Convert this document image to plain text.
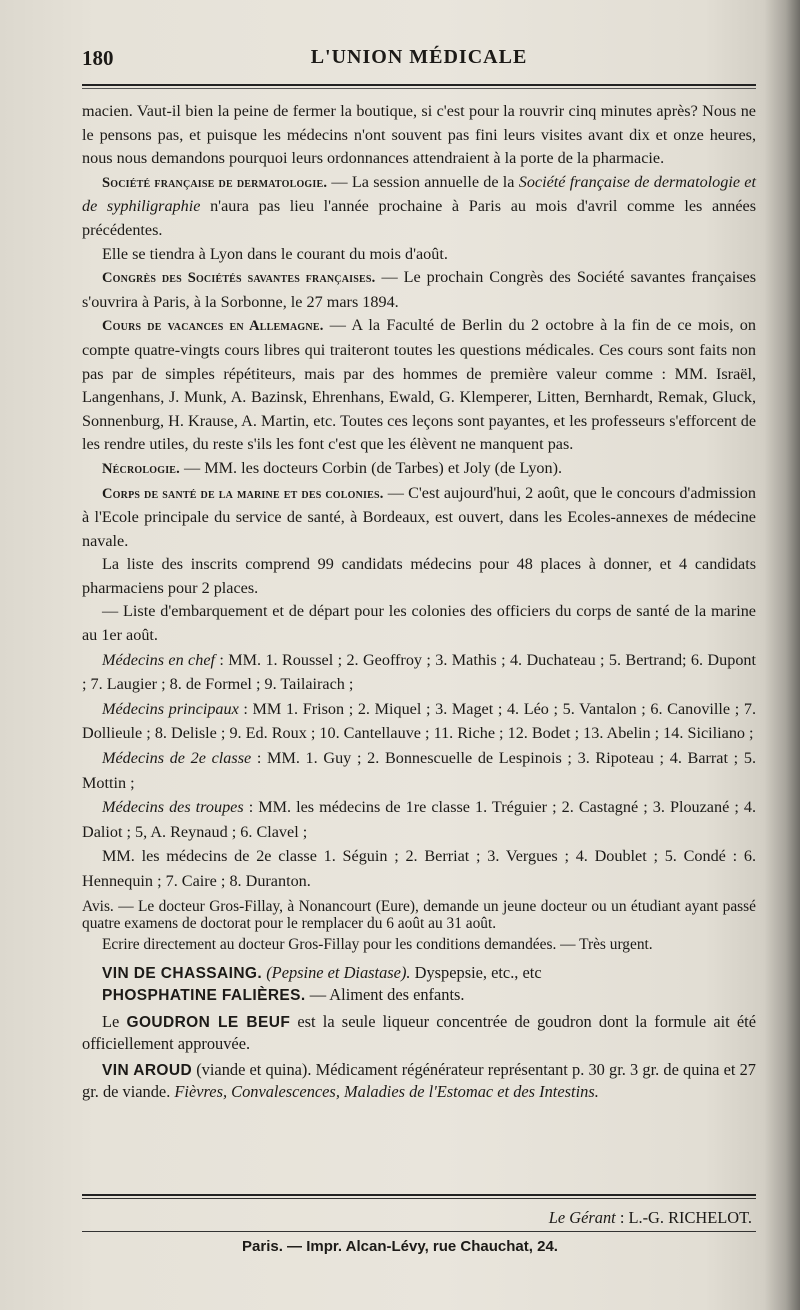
180	L'UNION MÉDICALE

macien. Vaut-il bien la peine de fermer la boutique, si c'est pour la rouvrir cinq minutes après? Nous ne le pensons pas, et puisque les médecins n'ont souvent pas fini leurs visites avant dix et onze heures, nous nous demandons pourquoi leurs ordonnances attendraient à la porte de la pharmacie.

Société française de dermatologie. — La session annuelle de la Société française de dermatologie et de syphiligraphie n'aura pas lieu l'année prochaine à Paris au mois d'avril comme les années précédentes.

Elle se tiendra à Lyon dans le courant du mois d'août.

Congrès des Sociétés savantes françaises. — Le prochain Congrès des Société savantes françaises s'ouvrira à Paris, à la Sorbonne, le 27 mars 1894.

Cours de vacances en Allemagne. — A la Faculté de Berlin du 2 octobre à la fin de ce mois, on compte quatre-vingts cours libres qui traiteront toutes les questions médicales. Ces cours sont faits non pas par de simples répétiteurs, mais par des hommes de première valeur comme : MM. Israël, Langenhans, J. Munk, A. Bazinsk, Ehrenhans, Ewald, G. Klemperer, Litten, Bernhardt, Remak, Gluck, Sonnenburg, H. Krause, A. Martin, etc. Toutes ces leçons sont payantes, et les professeurs s'efforcent de les rendre utiles, du reste s'ils les font c'est que les élèvent ne manquent pas.

Nécrologie. — MM. les docteurs Corbin (de Tarbes) et Joly (de Lyon).

Corps de santé de la marine et des colonies. — C'est aujourd'hui, 2 août, que le concours d'admission à l'Ecole principale du service de santé, à Bordeaux, est ouvert, dans les Ecoles-annexes de médecine navale.

La liste des inscrits comprend 99 candidats médecins pour 48 places à donner, et 4 candidats pharmaciens pour 2 places.

— Liste d'embarquement et de départ pour les colonies des officiers du corps de santé de la marine au 1er août.

Médecins en chef : MM. 1. Roussel ; 2. Geoffroy ; 3. Mathis ; 4. Duchateau ; 5. Bertrand; 6. Dupont ; 7. Laugier ; 8. de Formel ; 9. Tailairach ;

Médecins principaux : MM 1. Frison ; 2. Miquel ; 3. Maget ; 4. Léo ; 5. Vantalon ; 6. Canoville ; 7. Dollieule ; 8. Delisle ; 9. Ed. Roux ; 10. Cantellauve ; 11. Riche ; 12. Bodet ; 13. Abelin ; 14. Siciliano ;

Médecins de 2e classe : MM. 1. Guy ; 2. Bonnescuelle de Lespinois ; 3. Ripoteau ; 4. Barrat ; 5. Mottin ;

Médecins des troupes : MM. les médecins de 1re classe 1. Tréguier ; 2. Castagné ; 3. Plouzané ; 4. Daliot ; 5, A. Reynaud ; 6. Clavel ;

MM. les médecins de 2e classe 1. Séguin ; 2. Berriat ; 3. Vergues ; 4. Doublet ; 5. Condé : 6. Hennequin ; 7. Caire ; 8. Duranton.

Avis. — Le docteur Gros-Fillay, à Nonancourt (Eure), demande un jeune docteur ou un étudiant ayant passé quatre examens de doctorat pour le remplacer du 6 août au 31 août.

Ecrire directement au docteur Gros-Fillay pour les conditions demandées. — Très urgent.

VIN DE CHASSAING. (Pepsine et Diastase). Dyspepsie, etc., etc

PHOSPHATINE FALIÈRES. — Aliment des enfants.

Le GOUDRON LE BEUF est la seule liqueur concentrée de goudron dont la formule ait été officiellement approuvée.

VIN AROUD (viande et quina). Médicament régénérateur représentant p. 30 gr. 3 gr. de quina et 27 gr. de viande. Fièvres, Convalescences, Maladies de l'Estomac et des Intestins.

Le Gérant : L.-G. RICHELOT.
Paris. — Impr. Alcan-Lévy, rue Chauchat, 24.
